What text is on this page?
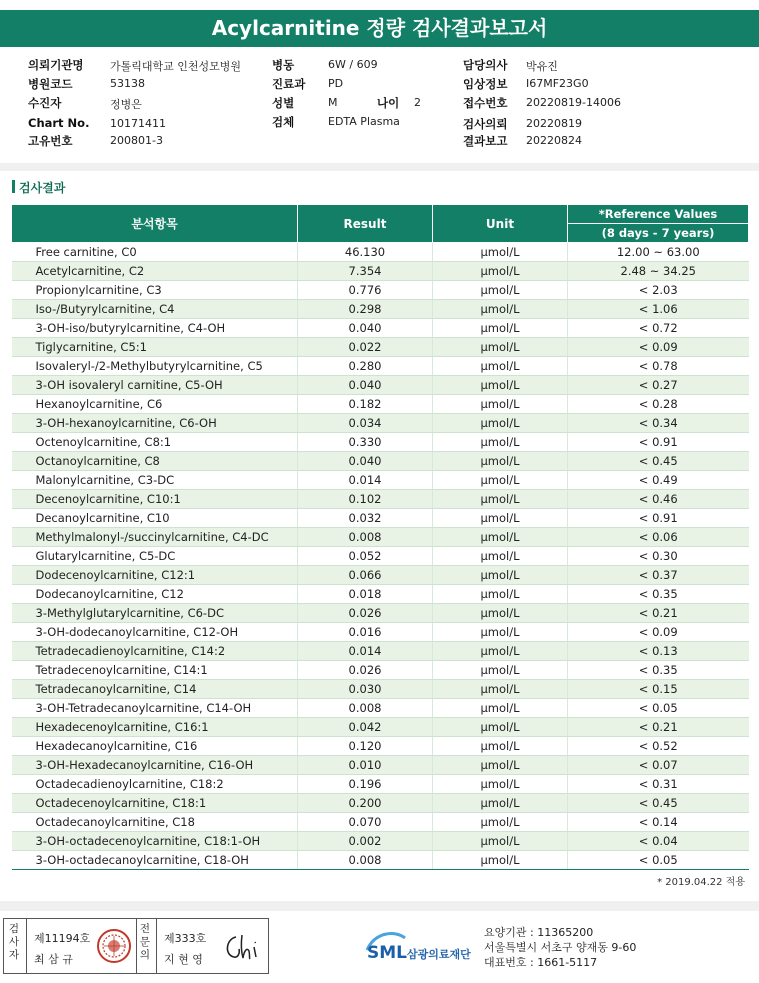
Acylcarnitine 정량 검사결과보고서
의뢰기관명 가톨릭대학교 인천성모병원
병원코드	53138
수진자	정병은
Chart No. 10171411
고유번호	200801-3
병동	6W / 609
진료과 PD
성별	M	나이 2
검체	EDTA Plasma
담당의사 박유진
임상정보 I67MF23G0
접수번호 20220819-14006
검사의뢰 20220819
결과보고 20220824
검사결과
분석항목	Result	Unit	*Reference Values
			(8 days - 7 years)
Free carnitine, C0	46.130	μmol/L	12.00 ~ 63.00
Acetylcarnitine, C2	7.354	μmol/L	2.48 ~ 34.25
Propionylcarnitine, C3	0.776	μmol/L	< 2.03
Iso-/Butyrylcarnitine, C4	0.298	μmol/L	< 1.06
3-OH-iso/butyrylcarnitine, C4-OH	0.040	μmol/L	< 0.72
Tiglycarnitine, C5:1	0.022	μmol/L	< 0.09
Isovaleryl-/2-Methylbutyrylcarnitine, C5	0.280	μmol/L	< 0.78
3-OH isovaleryl carnitine, C5-OH	0.040	μmol/L	< 0.27
Hexanoylcarnitine, C6	0.182	μmol/L	< 0.28
3-OH-hexanoylcarnitine, C6-OH	0.034	μmol/L	< 0.34
Octenoylcarnitine, C8:1	0.330	μmol/L	< 0.91
Octanoylcarnitine, C8	0.040	μmol/L	< 0.45
Malonylcarnitine, C3-DC	0.014	μmol/L	< 0.49
Decenoylcarnitine, C10:1	0.102	μmol/L	< 0.46
Decanoylcarnitine, C10	0.032	μmol/L	< 0.91
Methylmalonyl-/succinylcarnitine, C4-DC	0.008	μmol/L	< 0.06
Glutarylcarnitine, C5-DC	0.052	μmol/L	< 0.30
Dodecenoylcarnitine, C12:1	0.066	μmol/L	< 0.37
Dodecanoylcarnitine, C12	0.018	μmol/L	< 0.35
3-Methylglutarylcarnitine, C6-DC	0.026	μmol/L	< 0.21
3-OH-dodecanoylcarnitine, C12-OH	0.016	μmol/L	< 0.09
Tetradecadienoylcarnitine, C14:2	0.014	μmol/L	< 0.13
Tetradecenoylcarnitine, C14:1	0.026	μmol/L	< 0.35
Tetradecanoylcarnitine, C14	0.030	μmol/L	< 0.15
3-OH-Tetradecanoylcarnitine, C14-OH	0.008	μmol/L	< 0.05
Hexadecenoylcarnitine, C16:1	0.042	μmol/L	< 0.21
Hexadecanoylcarnitine, C16	0.120	μmol/L	< 0.52
3-OH-Hexadecanoylcarnitine, C16-OH	0.010	μmol/L	< 0.07
Octadecadienoylcarnitine, C18:2	0.196	μmol/L	< 0.31
Octadecenoylcarnitine, C18:1	0.200	μmol/L	< 0.45
Octadecanoylcarnitine, C18	0.070	μmol/L	< 0.14
3-OH-octadecenoylcarnitine, C18:1-OH	0.002	μmol/L	< 0.04
3-OH-octadecanoylcarnitine, C18-OH	0.008	μmol/L	< 0.05
* 2019.04.22 적용
검사자
제11194호
최 삼 규
전문의
제333호
지 현 영	SML 삼광의료재단
요양기관 : 11365200
서울특별시 서초구 양재동 9-60
대표번호 : 1661-5117
